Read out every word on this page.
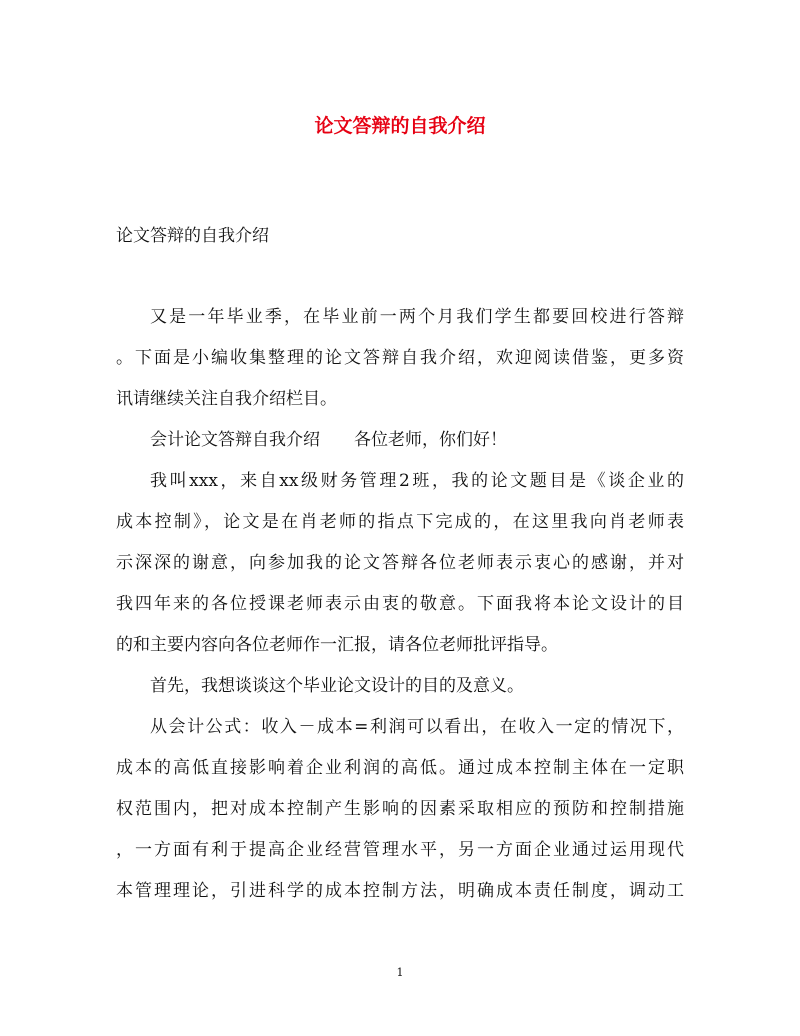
论文答辩的自我介绍
论文答辩的自我介绍
又是一年毕业季，在毕业前一两个月我们学生都要回校进行答辩
。下面是小编收集整理的论文答辩自我介绍，欢迎阅读借鉴，更多资
讯请继续关注自我介绍栏目。
会计论文答辩自我介绍 各位老师，你们好！
我叫xxx，来自xx级财务管理2班，我的论文题目是《谈企业的
成本控制》，论文是在肖老师的指点下完成的，在这里我向肖老师表
示深深的谢意，向参加我的论文答辩各位老师表示衷心的感谢，并对
我四年来的各位授课老师表示由衷的敬意。下面我将本论文设计的目
的和主要内容向各位老师作一汇报，请各位老师批评指导。
首先，我想谈谈这个毕业论文设计的目的及意义。
从会计公式：收入－成本=利润可以看出，在收入一定的情况下，
成本的高低直接影响着企业利润的高低。通过成本控制主体在一定职
权范围内，把对成本控制产生影响的因素采取相应的预防和控制措施
，一方面有利于提高企业经营管理水平，另一方面企业通过运用现代
本管理理论，引进科学的成本控制方法，明确成本责任制度，调动工
1
